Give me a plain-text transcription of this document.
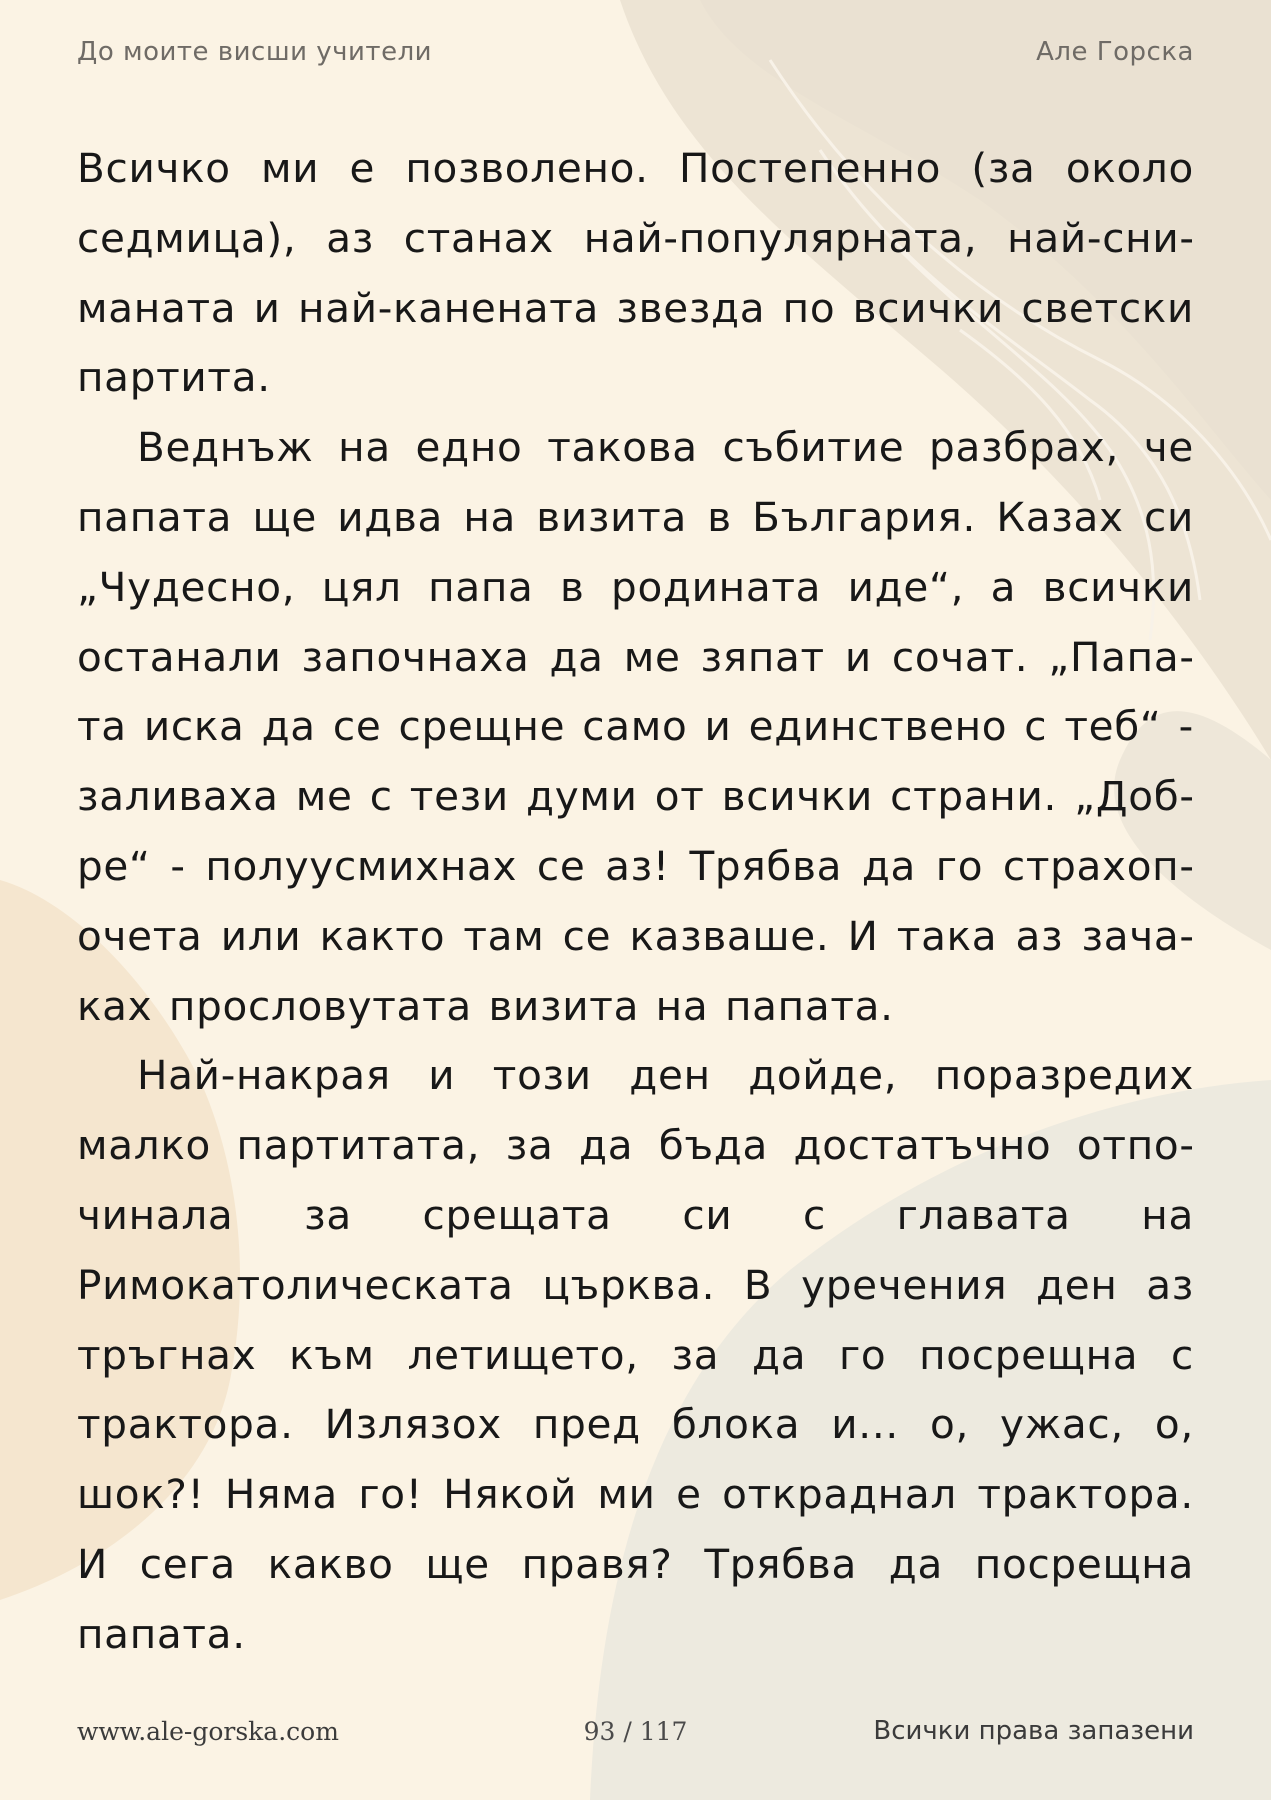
До моите висши учители	Але Горска

Всичко ми е позволено. Постепенно (за около седмица), аз станах най-популярната, най-сниманата и най-канената звезда по всички светски партита.

Веднъж на едно такова събитие разбрах, че папата ще идва на визита в България. Казах си „Чудесно, цял папа в родината иде“, а всички останали започнаха да ме зяпат и сочат. „Папата иска да се срещне само и единствено с теб“ - заливаха ме с тези думи от всички страни. „Добре“ - полуусмихнах се аз! Трябва да го страхопочета или както там се казваше. И така аз зачаках прословутата визита на папата.

Най-накрая и този ден дойде, поразредих малко партитата, за да бъда достатъчно отпочинала за срещата си с главата на Римокатолическата църква. В уречения ден аз тръгнах към летището, за да го посрещна с трактора. Излязох пред блока и... о, ужас, о, шок?! Няма го! Някой ми е откраднал трактора. И сега какво ще правя? Трябва да посрещна папата.

www.ale-gorska.com	93 / 117	Всички права запазени
